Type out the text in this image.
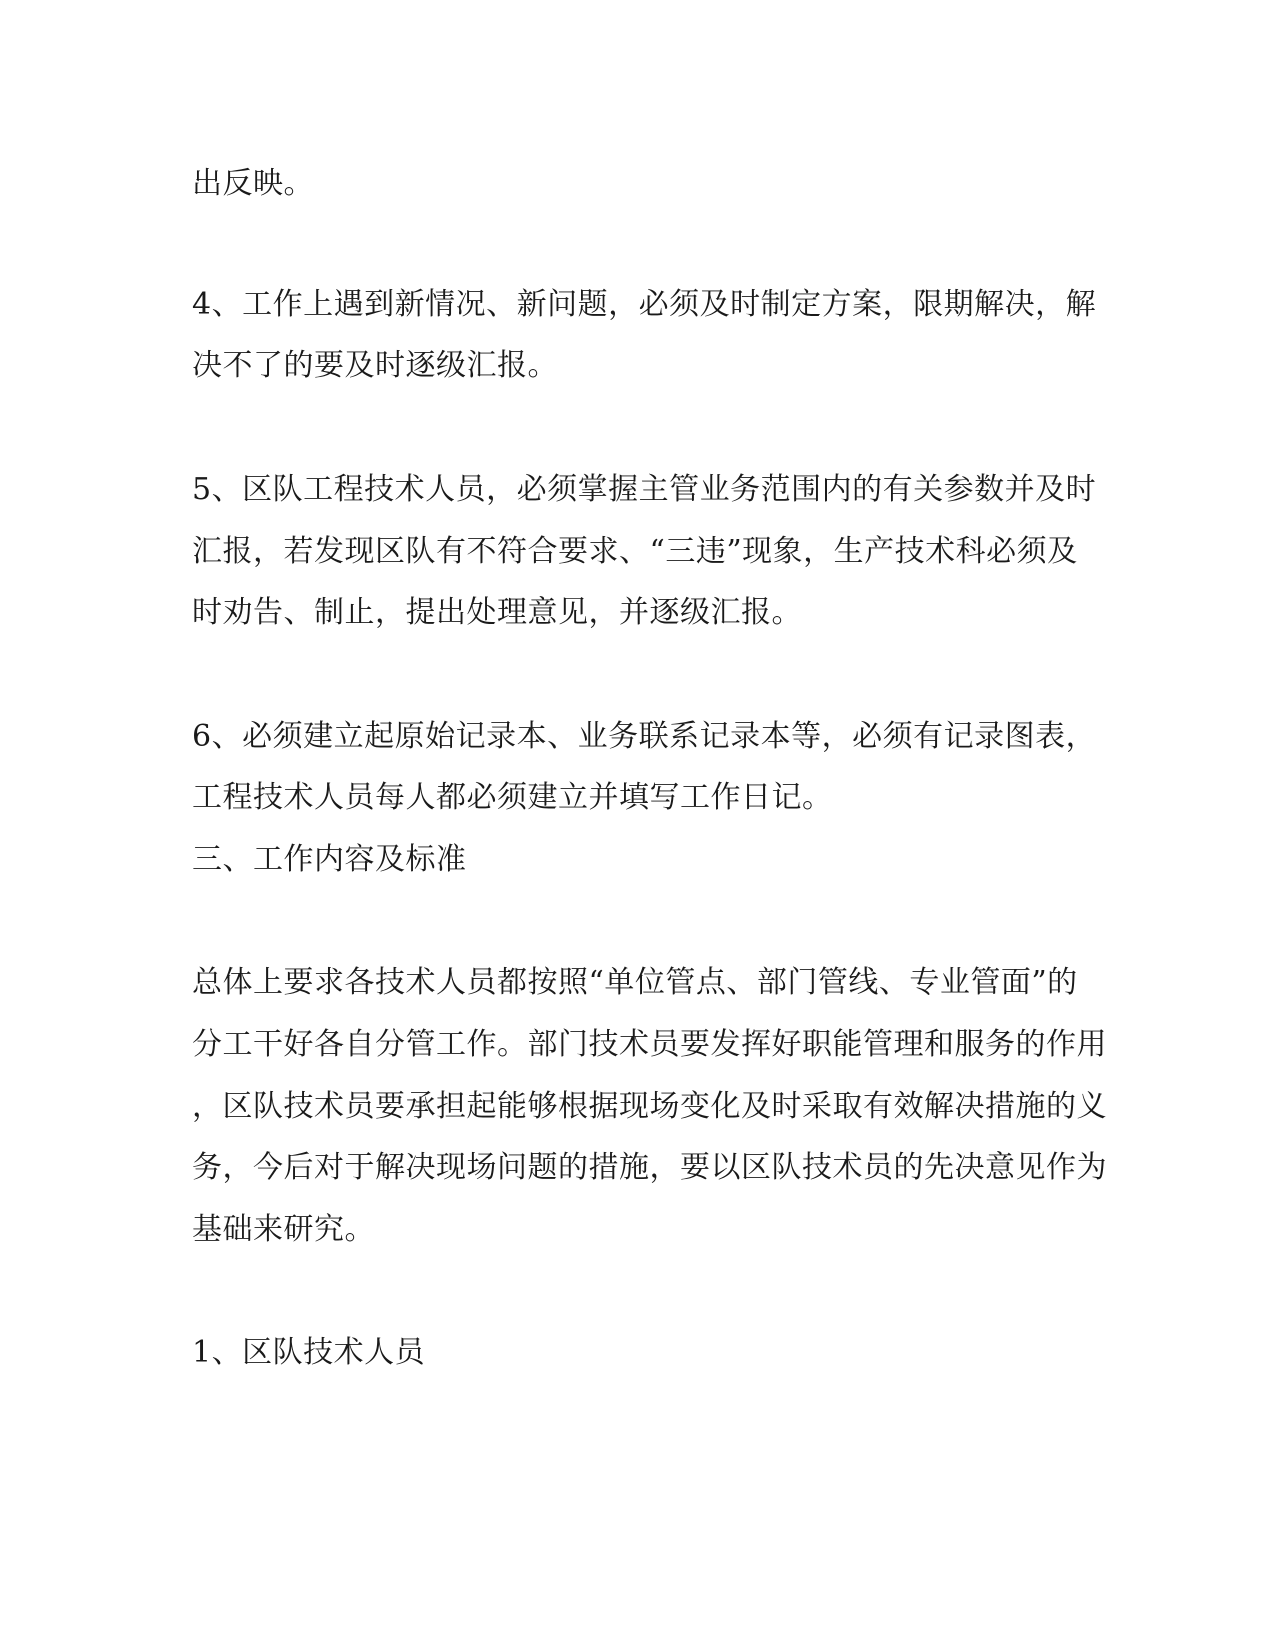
出反映。
4、工作上遇到新情况、新问题，必须及时制定方案，限期解决，解
决不了的要及时逐级汇报。
5、区队工程技术人员，必须掌握主管业务范围内的有关参数并及时
汇报，若发现区队有不符合要求、“三违”现象，生产技术科必须及
时劝告、制止，提出处理意见，并逐级汇报。
6、必须建立起原始记录本、业务联系记录本等，必须有记录图表，
工程技术人员每人都必须建立并填写工作日记。
三、工作内容及标准
总体上要求各技术人员都按照“单位管点、部门管线、专业管面”的
分工干好各自分管工作。部门技术员要发挥好职能管理和服务的作用
，区队技术员要承担起能够根据现场变化及时采取有效解决措施的义
务，今后对于解决现场问题的措施，要以区队技术员的先决意见作为
基础来研究。
1、区队技术人员
